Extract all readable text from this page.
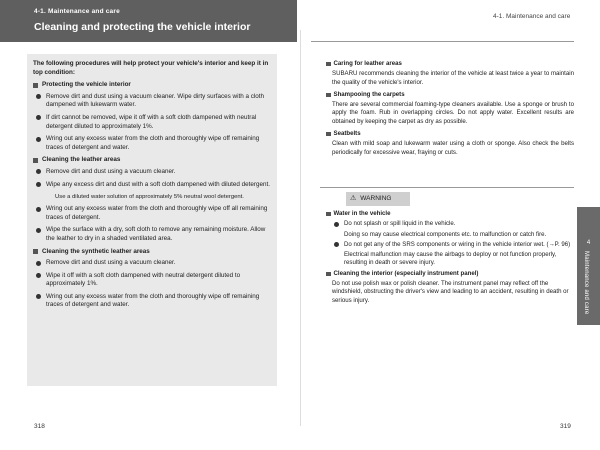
4-1. Maintenance and care
Cleaning and protecting the vehicle interior
4-1. Maintenance and care
The following procedures will help protect your vehicle's interior and keep it in top condition:
Protecting the vehicle interior
Remove dirt and dust using a vacuum cleaner. Wipe dirty surfaces with a cloth dampened with lukewarm water.
If dirt cannot be removed, wipe it off with a soft cloth dampened with neutral detergent diluted to approximately 1%.
Wring out any excess water from the cloth and thoroughly wipe off remaining traces of detergent and water.
Cleaning the leather areas
Remove dirt and dust using a vacuum cleaner.
Wipe any excess dirt and dust with a soft cloth dampened with diluted detergent.
Use a diluted water solution of approximately 5% neutral wool detergent.
Wring out any excess water from the cloth and thoroughly wipe off all remaining traces of detergent.
Wipe the surface with a dry, soft cloth to remove any remaining moisture. Allow the leather to dry in a shaded ventilated area.
Cleaning the synthetic leather areas
Remove dirt and dust using a vacuum cleaner.
Wipe it off with a soft cloth dampened with neutral detergent diluted to approximately 1%.
Wring out any excess water from the cloth and thoroughly wipe off remaining traces of detergent and water.
Caring for leather areas
SUBARU recommends cleaning the interior of the vehicle at least twice a year to maintain the quality of the vehicle's interior.
Shampooing the carpets
There are several commercial foaming-type cleaners available. Use a sponge or brush to apply the foam. Rub in overlapping circles. Do not apply water. Excellent results are obtained by keeping the carpet as dry as possible.
Seatbelts
Clean with mild soap and lukewarm water using a cloth or sponge. Also check the belts periodically for excessive wear, fraying or cuts.
⚠ WARNING
Water in the vehicle
Do not splash or spill liquid in the vehicle.
Doing so may cause electrical components etc. to malfunction or catch fire.
Do not get any of the SRS components or wiring in the vehicle interior wet. (→P. 96)
Electrical malfunction may cause the airbags to deploy or not function properly, resulting in death or severe injury.
Cleaning the interior (especially instrument panel)
Do not use polish wax or polish cleaner. The instrument panel may reflect off the windshield, obstructing the driver's view and leading to an accident, resulting in death or serious injury.
4
Maintenance and care
318	319
